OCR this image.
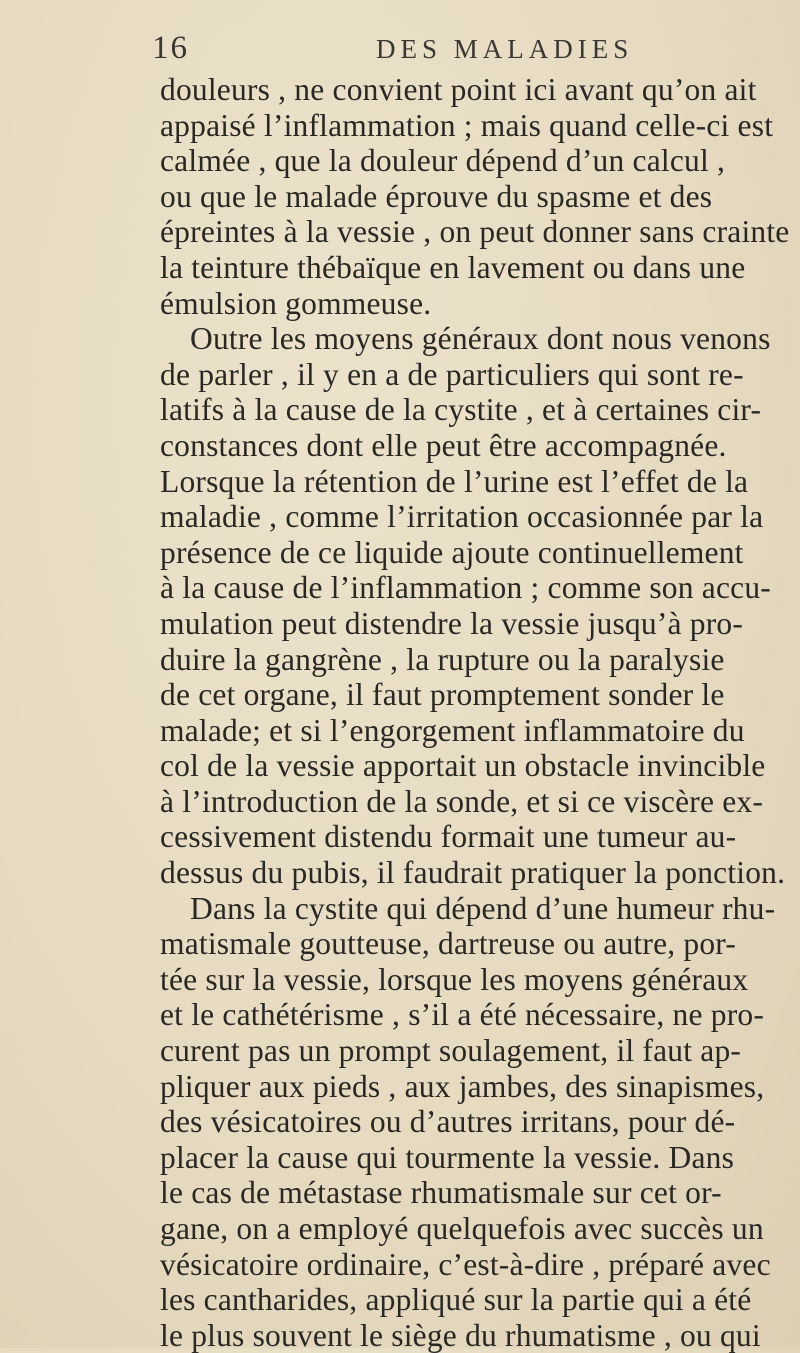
16	DES MALADIES
douleurs , ne convient point ici avant qu’on ait
appaisé l’inflammation ; mais quand celle-ci est
calmée , que la douleur dépend d’un calcul ,
ou que le malade éprouve du spasme et des
épreintes à la vessie , on peut donner sans crainte
la teinture thébaïque en lavement ou dans une
émulsion gommeuse.
Outre les moyens généraux dont nous venons
de parler , il y en a de particuliers qui sont re-
latifs à la cause de la cystite , et à certaines cir-
constances dont elle peut être accompagnée.
Lorsque la rétention de l’urine est l’effet de la
maladie , comme l’irritation occasionnée par la
présence de ce liquide ajoute continuellement
à la cause de l’inflammation ; comme son accu-
mulation peut distendre la vessie jusqu’à pro-
duire la gangrène , la rupture ou la paralysie
de cet organe, il faut promptement sonder le
malade; et si l’engorgement inflammatoire du
col de la vessie apportait un obstacle invincible
à l’introduction de la sonde, et si ce viscère ex-
cessivement distendu formait une tumeur au-
dessus du pubis, il faudrait pratiquer la ponction.
Dans la cystite qui dépend d’une humeur rhu-
matismale goutteuse, dartreuse ou autre, por-
tée sur la vessie, lorsque les moyens généraux
et le cathétérisme , s’il a été nécessaire, ne pro-
curent pas un prompt soulagement, il faut ap-
pliquer aux pieds , aux jambes, des sinapismes,
des vésicatoires ou d’autres irritans, pour dé-
placer la cause qui tourmente la vessie. Dans
le cas de métastase rhumatismale sur cet or-
gane, on a employé quelquefois avec succès un
vésicatoire ordinaire, c’est-à-dire , préparé avec
les cantharides, appliqué sur la partie qui a été
le plus souvent le siège du rhumatisme , ou qui
